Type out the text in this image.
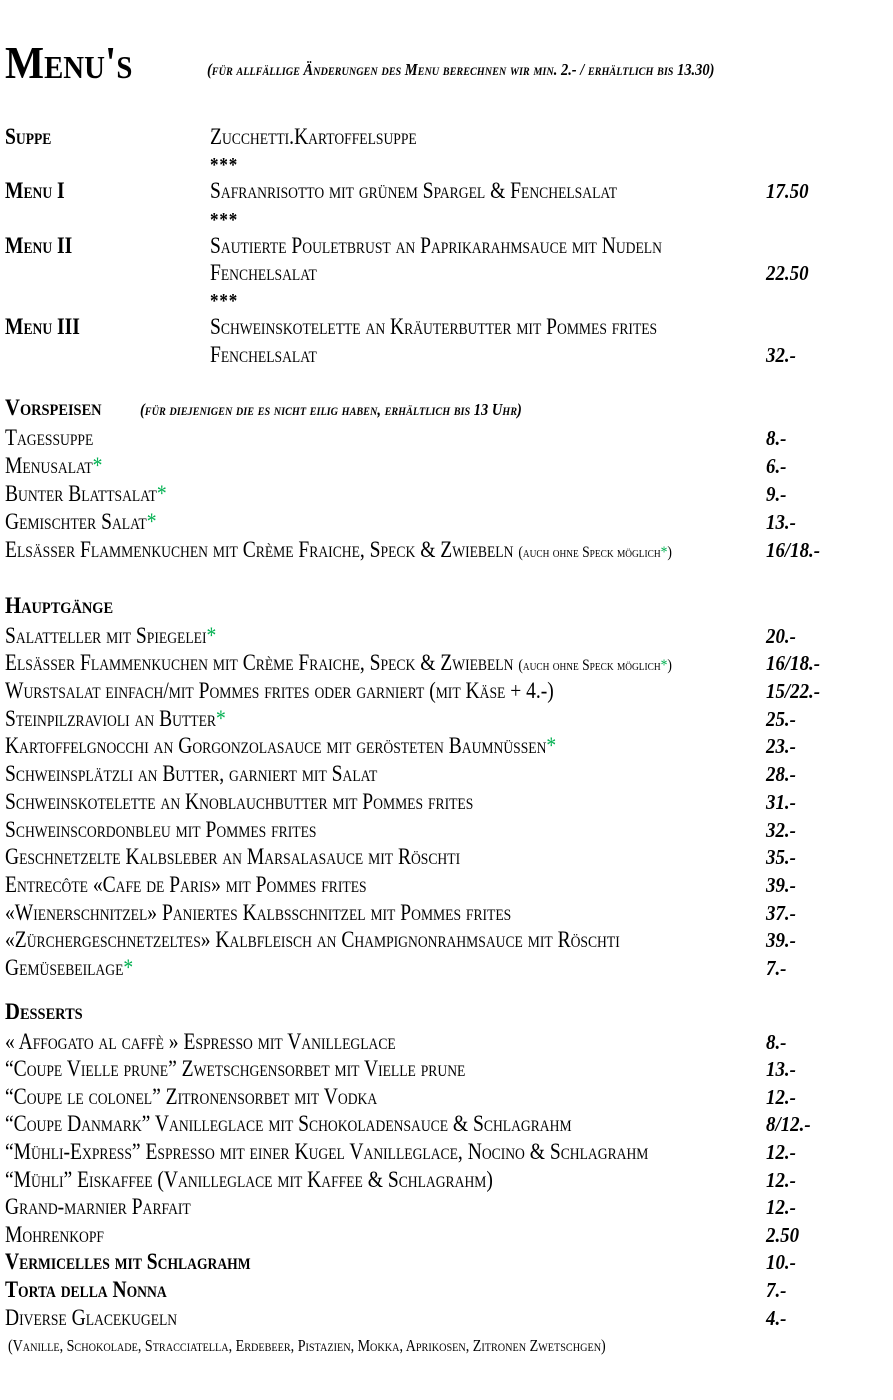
Menu's	(für allfällige Änderungen des Menu berechnen wir min. 2.- / erhältlich bis 13.30)
Suppe	Zucchetti.Kartoffelsuppe
***
Menu I	Safranrisotto mit grünem Spargel & Fenchelsalat	17.50
***
Menu II	Sautierte Pouletbrust an Paprikarahmsauce mit Nudeln
Fenchelsalat	22.50
***
Menu III	Schweinskotelette an Kräuterbutter mit Pommes frites
Fenchelsalat	32.-
Vorspeisen	(für diejenigen die es nicht eilig haben, erhältlich bis 13 Uhr)
Tagessuppe	8.-
Menusalat*	6.-
Bunter Blattsalat*	9.-
Gemischter Salat*	13.-
Elsässer Flammenkuchen mit Crème Fraiche, Speck & Zwiebeln (auch ohne Speck möglich*)	16/18.-
Hauptgänge
Salatteller mit Spiegelei*	20.-
Elsässer Flammenkuchen mit Crème Fraiche, Speck & Zwiebeln (auch ohne Speck möglich*)	16/18.-
Wurstsalat einfach/mit Pommes frites oder garniert (mit Käse + 4.-)	15/22.-
Steinpilzravioli an Butter*	25.-
Kartoffelgnocchi an Gorgonzolasauce mit gerösteten Baumnüssen*	23.-
Schweinsplätzli an Butter, garniert mit Salat	28.-
Schweinskotelette an Knoblauchbutter mit Pommes frites	31.-
Schweinscordonbleu mit Pommes frites	32.-
Geschnetzelte Kalbsleber an Marsalasauce mit Röschti	35.-
Entrecôte «Cafe de Paris» mit Pommes frites	39.-
«Wienerschnitzel» Paniertes Kalbsschnitzel mit Pommes frites	37.-
«Zürchergeschnetzeltes» Kalbfleisch an Champignonrahmsauce mit Röschti	39.-
Gemüsebeilage*	7.-
Desserts
« Affogato al caffè » Espresso mit Vanilleglace	8.-
“Coupe Vielle prune” Zwetschgensorbet mit Vielle prune	13.-
“Coupe le colonel” Zitronensorbet mit Vodka	12.-
“Coupe Danmark” Vanilleglace mit Schokoladensauce & Schlagrahm	8/12.-
“Mühli-Express” Espresso mit einer Kugel Vanilleglace, Nocino & Schlagrahm	12.-
“Mühli” Eiskaffee (Vanilleglace mit Kaffee & Schlagrahm)	12.-
Grand-marnier Parfait	12.-
Mohrenkopf	2.50
Vermicelles mit Schlagrahm	10.-
Torta della Nonna	7.-
Diverse Glacekugeln	4.-
(Vanille, Schokolade, Stracciatella, Erdebeer, Pistazien, Mokka, Aprikosen, Zitronen Zwetschgen)
